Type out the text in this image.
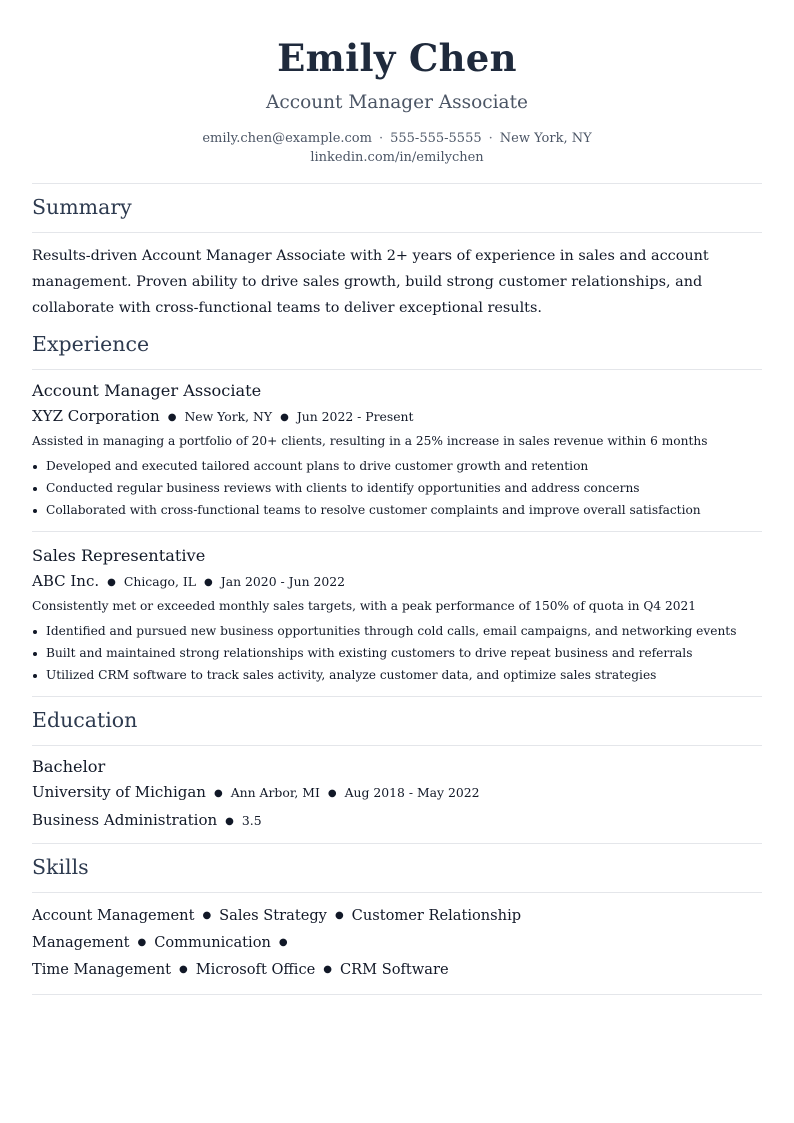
Emily Chen
Account Manager Associate
emily.chen@example.com · 555-555-5555 · New York, NY
linkedin.com/in/emilychen
Summary

Results-driven Account Manager Associate with 2+ years of experience in sales and account management. Proven ability to drive sales growth, build strong customer relationships, and collaborate with cross-functional teams to deliver exceptional results.

Experience
Account Manager Associate
XYZ Corporation ● New York, NY ● Jun 2022 - Present
Assisted in managing a portfolio of 20+ clients, resulting in a 25% increase in sales revenue within 6 months
Developed and executed tailored account plans to drive customer growth and retention
Conducted regular business reviews with clients to identify opportunities and address concerns
Collaborated with cross-functional teams to resolve customer complaints and improve overall satisfaction
Sales Representative
ABC Inc. ● Chicago, IL ● Jan 2020 - Jun 2022
Consistently met or exceeded monthly sales targets, with a peak performance of 150% of quota in Q4 2021
Identified and pursued new business opportunities through cold calls, email campaigns, and networking events
Built and maintained strong relationships with existing customers to drive repeat business and referrals
Utilized CRM software to track sales activity, analyze customer data, and optimize sales strategies
Education
Bachelor
University of Michigan ● Ann Arbor, MI ● Aug 2018 - May 2022
Business Administration ● 3.5
Skills
Account Management ● Sales Strategy ● Customer Relationship Management ● Communication ●
Time Management ● Microsoft Office ● CRM Software
